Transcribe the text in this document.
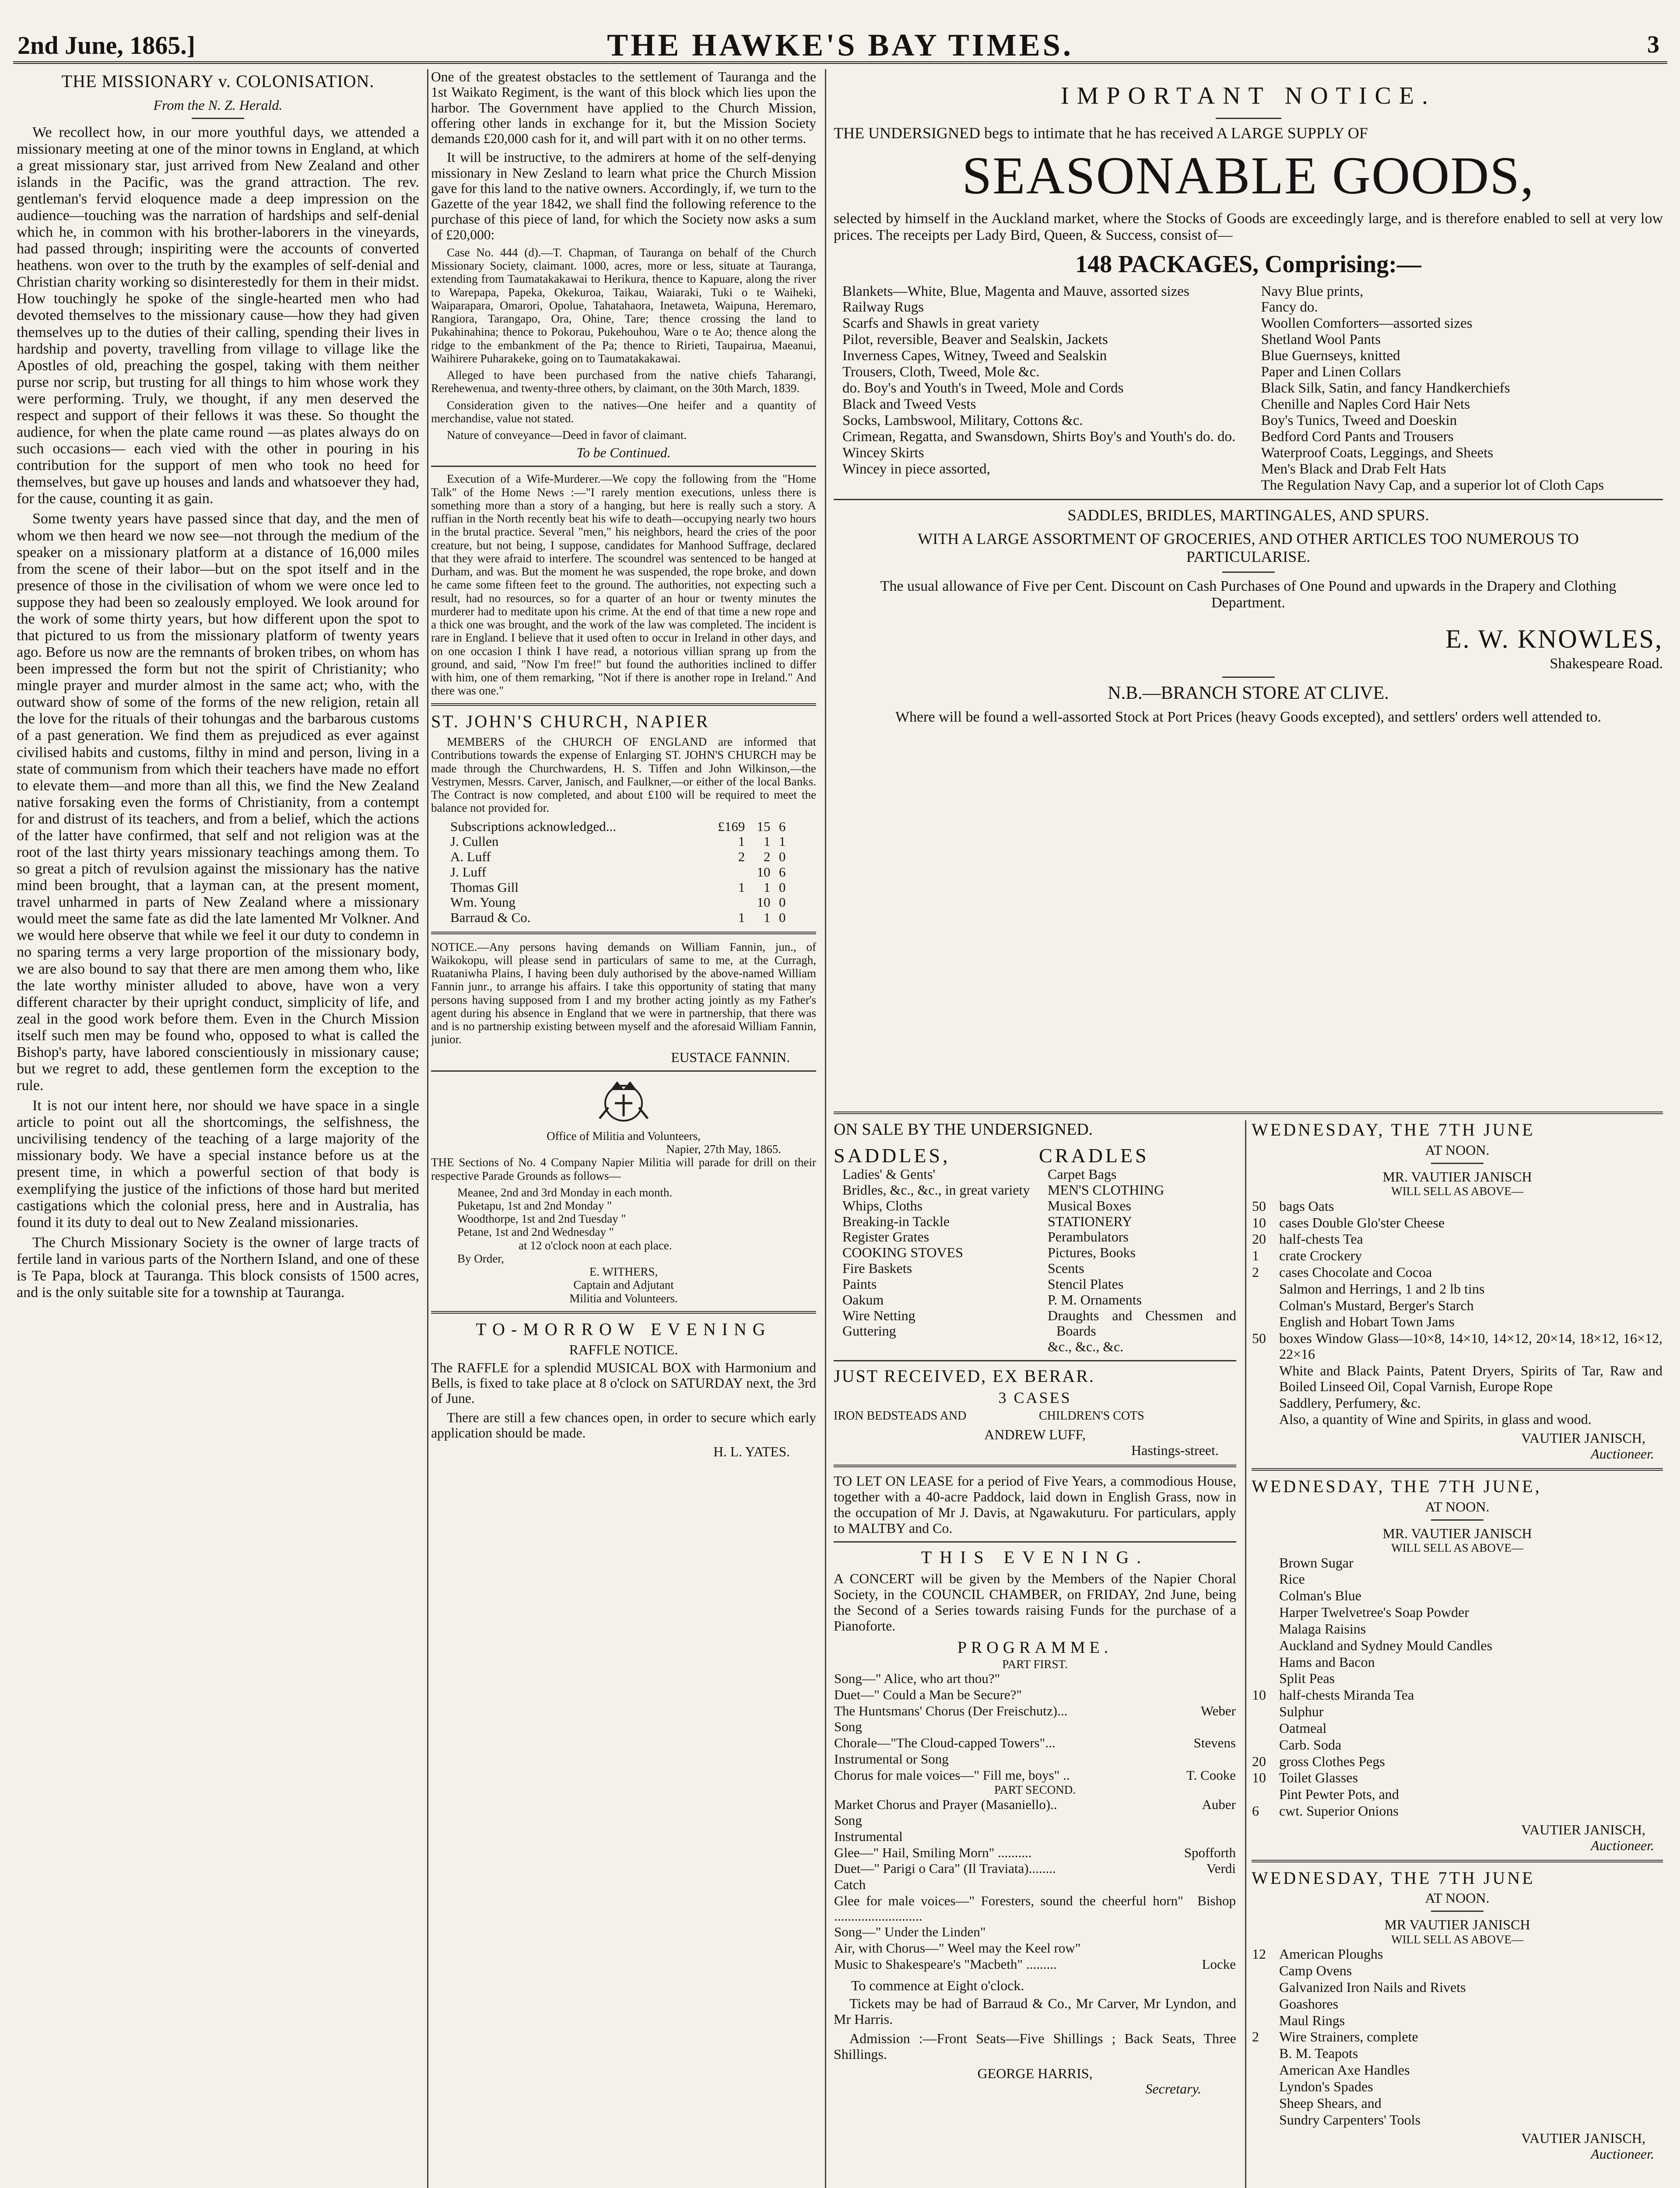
2nd June, 1865.]	THE HAWKE'S BAY TIMES.	3
THE MISSIONARY v. COLONISATION.
From the N. Z. Herald.

We recollect how, in our more youthful days, we attended a missionary meeting at one of the minor towns in England, at which a great missionary star, just arrived from New Zealand and other islands in the Pacific, was the grand attraction. The rev. gentleman's fervid eloquence made a deep impression on the audience—touching was the narration of hardships and self-denial which he, in common with his brother-laborers in the vineyards, had passed through; inspiriting were the accounts of converted heathens. won over to the truth by the examples of self-denial and Christian charity working so disinterestedly for them in their midst. How touchingly he spoke of the single-hearted men who had devoted themselves to the missionary cause—how they had given themselves up to the duties of their calling, spending their lives in hardship and poverty, travelling from village to village like the Apostles of old, preaching the gospel, taking with them neither purse nor scrip, but trusting for all things to him whose work they were performing. Truly, we thought, if any men deserved the respect and support of their fellows it was these. So thought the audience, for when the plate came round —as plates always do on such occasions— each vied with the other in pouring in his contribution for the support of men who took no heed for themselves, but gave up houses and lands and whatsoever they had, for the cause, counting it as gain.

Some twenty years have passed since that day, and the men of whom we then heard we now see—not through the medium of the speaker on a missionary platform at a distance of 16,000 miles from the scene of their labor—but on the spot itself and in the presence of those in the civilisation of whom we were once led to suppose they had been so zealously employed. We look around for the work of some thirty years, but how different upon the spot to that pictured to us from the missionary platform of twenty years ago. Before us now are the remnants of broken tribes, on whom has been impressed the form but not the spirit of Christianity; who mingle prayer and murder almost in the same act; who, with the outward show of some of the forms of the new religion, retain all the love for the rituals of their tohungas and the barbarous customs of a past generation. We find them as prejudiced as ever against civilised habits and customs, filthy in mind and person, living in a state of communism from which their teachers have made no effort to elevate them—and more than all this, we find the New Zealand native forsaking even the forms of Christianity, from a contempt for and distrust of its teachers, and from a belief, which the actions of the latter have confirmed, that self and not religion was at the root of the last thirty years missionary teachings among them. To so great a pitch of revulsion against the missionary has the native mind been brought, that a layman can, at the present moment, travel unharmed in parts of New Zealand where a missionary would meet the same fate as did the late lamented Mr Volkner. And we would here observe that while we feel it our duty to condemn in no sparing terms a very large proportion of the missionary body, we are also bound to say that there are men among them who, like the late worthy minister alluded to above, have won a very different character by their upright conduct, simplicity of life, and zeal in the good work before them. Even in the Church Mission itself such men may be found who, opposed to what is called the Bishop's party, have labored conscientiously in missionary cause; but we regret to add, these gentlemen form the exception to the rule.

It is not our intent here, nor should we have space in a single article to point out all the shortcomings, the selfishness, the uncivilising tendency of the teaching of a large majority of the missionary body. We have a special instance before us at the present time, in which a powerful section of that body is exemplifying the justice of the infictions of those hard but merited castigations which the colonial press, here and in Australia, has found it its duty to deal out to New Zealand missionaries.

The Church Missionary Society is the owner of large tracts of fertile land in various parts of the Northern Island, and one of these is Te Papa, block at Tauranga. This block consists of 1500 acres, and is the only suitable site for a township at Tauranga.

One of the greatest obstacles to the settlement of Tauranga and the 1st Waikato Regiment, is the want of this block which lies upon the harbor. The Government have applied to the Church Mission, offering other lands in exchange for it, but the Mission Society demands £20,000 cash for it, and will part with it on no other terms.

It will be instructive, to the admirers at home of the self-denying missionary in New Zesland to learn what price the Church Mission gave for this land to the native owners. Accordingly, if, we turn to the Gazette of the year 1842, we shall find the following reference to the purchase of this piece of land, for which the Society now asks a sum of £20,000:

Case No. 444 (d).—T. Chapman, of Tauranga on behalf of the Church Missionary Society, claimant. 1000, acres, more or less, situate at Tauranga, extending from Taumatakakawai to Herikura, thence to Kapuare, along the river to Warepapa, Papeka, Okekuroa, Taikau, Waiaraki, Tuki o te Waiheki, Waiparapara, Omarori, Opolue, Tahatahaora, Inetaweta, Waipuna, Heremaro, Rangiora, Tarangapo, Ora, Ohine, Tare; thence crossing the land to Pukahinahina; thence to Pokorau, Pukehouhou, Ware o te Ao; thence along the ridge to the embankment of the Pa; thence to Ririeti, Taupairua, Maeanui, Waihirere Puharakeke, going on to Taumatakakawai.

Alleged to have been purchased from the native chiefs Taharangi, Rerehewenua, and twenty-three others, by claimant, on the 30th March, 1839.

Consideration given to the natives—One heifer and a quantity of merchandise, value not stated.

Nature of conveyance—Deed in favor of claimant.

To be Continued.

Execution of a Wife-Murderer.—We copy the following from the "Home Talk" of the Home News :—"I rarely mention executions, unless there is something more than a story of a hanging, but here is really such a story. A ruffian in the North recently beat his wife to death—occupying nearly two hours in the brutal practice. Several "men," his neighbors, heard the cries of the poor creature, but not being, I suppose, candidates for Manhood Suffrage, declared that they were afraid to interfere. The scoundrel was sentenced to be hanged at Durham, and was. But the moment he was suspended, the rope broke, and down he came some fifteen feet to the ground. The authorities, not expecting such a result, had no resources, so for a quarter of an hour or twenty minutes the murderer had to meditate upon his crime. At the end of that time a new rope and a thick one was brought, and the work of the law was completed. The incident is rare in England. I believe that it used often to occur in Ireland in other days, and on one occasion I think I have read, a notorious villian sprang up from the ground, and said, "Now I'm free!" but found the authorities inclined to differ with him, one of them remarking, "Not if there is another rope in Ireland." And there was one."

ST. JOHN'S CHURCH, NAPIER

MEMBERS of the CHURCH OF ENGLAND are informed that Contributions towards the expense of Enlarging ST. JOHN'S CHURCH may be made through the Churchwardens, H. S. Tiffen and John Wilkinson,—the Vestrymen, Messrs. Carver, Janisch, and Faulkner,—or either of the local Banks. The Contract is now completed, and about £100 will be required to meet the balance not provided for.

Subscriptions acknowledged...	£169	15	6
J. Cullen	1	1	1
A. Luff	2	2	0
J. Luff		10	6
Thomas Gill	1	1	0
Wm. Young		10	0
Barraud & Co.	1	1	0

NOTICE.—Any persons having demands on William Fannin, jun., of Waikokopu, will please send in particulars of same to me, at the Curragh, Ruataniwha Plains, I having been duly authorised by the above-named William Fannin junr., to arrange his affairs. I take this opportunity of stating that many persons having supposed from I and my brother acting jointly as my Father's agent during his absence in England that we were in partnership, that there was and is no partnership existing between myself and the aforesaid William Fannin, junior.

EUSTACE FANNIN.
Office of Militia and Volunteers,
Napier, 27th May, 1865.

THE Sections of No. 4 Company Napier Militia will parade for drill on their respective Parade Grounds as follows—

Meanee, 2nd and 3rd Monday in each month.
Puketapu, 1st and 2nd Monday "
Woodthorpe, 1st and 2nd Tuesday "
Petane, 1st and 2nd Wednesday "
at 12 o'clock noon at each place.
By Order,
E. WITHERS,
Captain and Adjutant
Militia and Volunteers.
TO-MORROW EVENING
RAFFLE NOTICE.

The RAFFLE for a splendid MUSICAL BOX with Harmonium and Bells, is fixed to take place at 8 o'clock on SATURDAY next, the 3rd of June.

There are still a few chances open, in order to secure which early application should be made.

H. L. YATES.
IMPORTANT NOTICE.

THE UNDERSIGNED begs to intimate that he has received A LARGE SUPPLY OF

SEASONABLE GOODS,

selected by himself in the Auckland market, where the Stocks of Goods are exceedingly large, and is therefore enabled to sell at very low prices. The receipts per Lady Bird, Queen, & Success, consist of—

148 PACKAGES, Comprising:—
Blankets—White, Blue, Magenta and Mauve, assorted sizes
Railway Rugs
Scarfs and Shawls in great variety
Pilot, reversible, Beaver and Sealskin, Jackets
Inverness Capes, Witney, Tweed and Sealskin
Trousers, Cloth, Tweed, Mole &c.
do. Boy's and Youth's in Tweed, Mole and Cords
Black and Tweed Vests
Socks, Lambswool, Military, Cottons &c.
Crimean, Regatta, and Swansdown, Shirts Boy's and Youth's do. do.
Wincey Skirts
Wincey in piece assorted,
Navy Blue prints,
Fancy do.
Woollen Comforters—assorted sizes
Shetland Wool Pants
Blue Guernseys, knitted
Paper and Linen Collars
Black Silk, Satin, and fancy Handkerchiefs
Chenille and Naples Cord Hair Nets
Boy's Tunics, Tweed and Doeskin
Bedford Cord Pants and Trousers
Waterproof Coats, Leggings, and Sheets
Men's Black and Drab Felt Hats
The Regulation Navy Cap, and a superior lot of Cloth Caps
SADDLES, BRIDLES, MARTINGALES, AND SPURS.
WITH A LARGE ASSORTMENT OF GROCERIES, AND OTHER ARTICLES TOO NUMEROUS TO PARTICULARISE.
The usual allowance of Five per Cent. Discount on Cash Purchases of One Pound and upwards in the Drapery and Clothing Department.
E. W. KNOWLES,
Shakespeare Road.
N.B.—BRANCH STORE AT CLIVE.
Where will be found a well-assorted Stock at Port Prices (heavy Goods excepted), and settlers' orders well attended to.
ON SALE BY THE UNDERSIGNED.
SADDLES,
Ladies' & Gents'
Bridles, &c., &c., in great variety
Whips, Cloths
Breaking-in Tackle
Register Grates
COOKING STOVES
Fire Baskets
Paints
Oakum
Wire Netting
Guttering
CRADLES
Carpet Bags
MEN'S CLOTHING
Musical Boxes
STATIONERY
Perambulators
Pictures, Books
Scents
Stencil Plates
P. M. Ornaments
Draughts and Chessmen and Boards
&c., &c., &c.
JUST RECEIVED, EX BERAR.
3 CASES
IRON BEDSTEADS AND	CHILDREN'S COTS
ANDREW LUFF,
Hastings-street.

TO LET ON LEASE for a period of Five Years, a commodious House, together with a 40-acre Paddock, laid down in English Grass, now in the occupation of Mr J. Davis, at Ngawakuturu. For particulars, apply to MALTBY and Co.

THIS EVENING.

A CONCERT will be given by the Members of the Napier Choral Society, in the COUNCIL CHAMBER, on FRIDAY, 2nd June, being the Second of a Series towards raising Funds for the purchase of a Pianoforte.

PROGRAMME.
PART FIRST.
Song—" Alice, who art thou?"	
Duet—" Could a Man be Secure?"	
The Huntsmans' Chorus (Der Freischutz)...	Weber
Song	
Chorale—"The Cloud-capped Towers"...	Stevens
Instrumental or Song	
Chorus for male voices—" Fill me, boys" ..	T. Cooke
PART SECOND.
Market Chorus and Prayer (Masaniello)..	Auber
Song	
Instrumental	
Glee—" Hail, Smiling Morn" ..........	Spofforth
Duet—" Parigi o Cara" (Il Traviata)........	Verdi
Catch	
Glee for male voices—" Foresters, sound the cheerful horn" ..........................	Bishop
Song—" Under the Linden"	
Air, with Chorus—" Weel may the Keel row"	
Music to Shakespeare's "Macbeth" .........	Locke
To commence at Eight o'clock.

Tickets may be had of Barraud & Co., Mr Carver, Mr Lyndon, and Mr Harris.

Admission :—Front Seats—Five Shillings ; Back Seats, Three Shillings.

GEORGE HARRIS,
Secretary.
WEDNESDAY, THE 7TH JUNE
AT NOON.
MR. VAUTIER JANISCH
WILL SELL AS ABOVE—
50	bags Oats
10	cases Double Glo'ster Cheese
20	half-chests Tea
1	crate Crockery
2	cases Chocolate and Cocoa
	Salmon and Herrings, 1 and 2 lb tins
	Colman's Mustard, Berger's Starch
	English and Hobart Town Jams
50	boxes Window Glass—10×8, 14×10, 14×12, 20×14, 18×12, 16×12, 22×16
	White and Black Paints, Patent Dryers, Spirits of Tar, Raw and Boiled Linseed Oil, Copal Varnish, Europe Rope
	Saddlery, Perfumery, &c.
	Also, a quantity of Wine and Spirits, in glass and wood.
VAUTIER JANISCH,
Auctioneer.
WEDNESDAY, THE 7TH JUNE,
AT NOON.
MR. VAUTIER JANISCH
WILL SELL AS ABOVE—
	Brown Sugar
	Rice
	Colman's Blue
	Harper Twelvetree's Soap Powder
	Malaga Raisins
	Auckland and Sydney Mould Candles
	Hams and Bacon
	Split Peas
10	half-chests Miranda Tea
	Sulphur
	Oatmeal
	Carb. Soda
20	gross Clothes Pegs
10	Toilet Glasses
	Pint Pewter Pots, and
6	cwt. Superior Onions
VAUTIER JANISCH,
Auctioneer.
WEDNESDAY, THE 7TH JUNE
AT NOON.
MR VAUTIER JANISCH
WILL SELL AS ABOVE—
12	American Ploughs
	Camp Ovens
	Galvanized Iron Nails and Rivets
	Goashores
	Maul Rings
2	Wire Strainers, complete
	B. M. Teapots
	American Axe Handles
	Lyndon's Spades
	Sheep Shears, and
	Sundry Carpenters' Tools
VAUTIER JANISCH,
Auctioneer.
